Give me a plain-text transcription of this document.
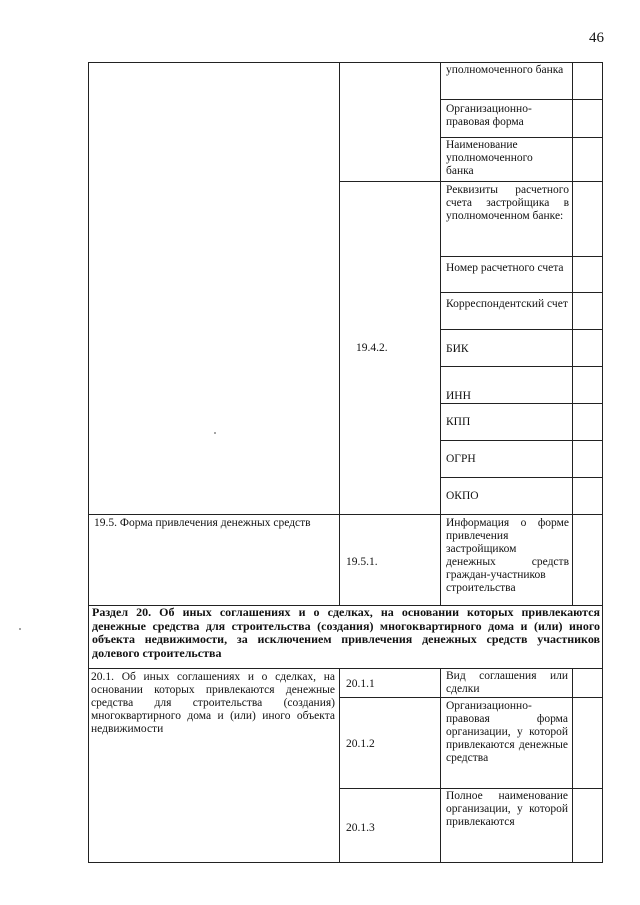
46
уполномоченного банка
Организационно-правовая форма
Наименование уполномоченного банка
Реквизиты расчетного счета застройщика в уполномоченном банке:
19.4.2.
Номер расчетного счета
Корреспондентский счет
БИК
ИНН
КПП
ОГРН
ОКПО
19.5. Форма привлечения денежных средств
19.5.1.
Информация о форме привлечения застройщиком денежных средств граждан-участников строительства
Раздел 20. Об иных соглашениях и о сделках, на основании которых привлекаются денежные средства для строительства (создания) многоквартирного дома и (или) иного объекта недвижимости, за исключением привлечения денежных средств участников долевого строительства
20.1. Об иных соглашениях и о сделках, на основании которых привлекаются денежные средства для строительства (создания) многоквартирного дома и (или) иного объекта недвижимости
20.1.1
Вид соглашения или сделки
20.1.2
Организационно-правовая форма организации, у которой привлекаются денежные средства
20.1.3
Полное наименование организации, у которой привлекаются
